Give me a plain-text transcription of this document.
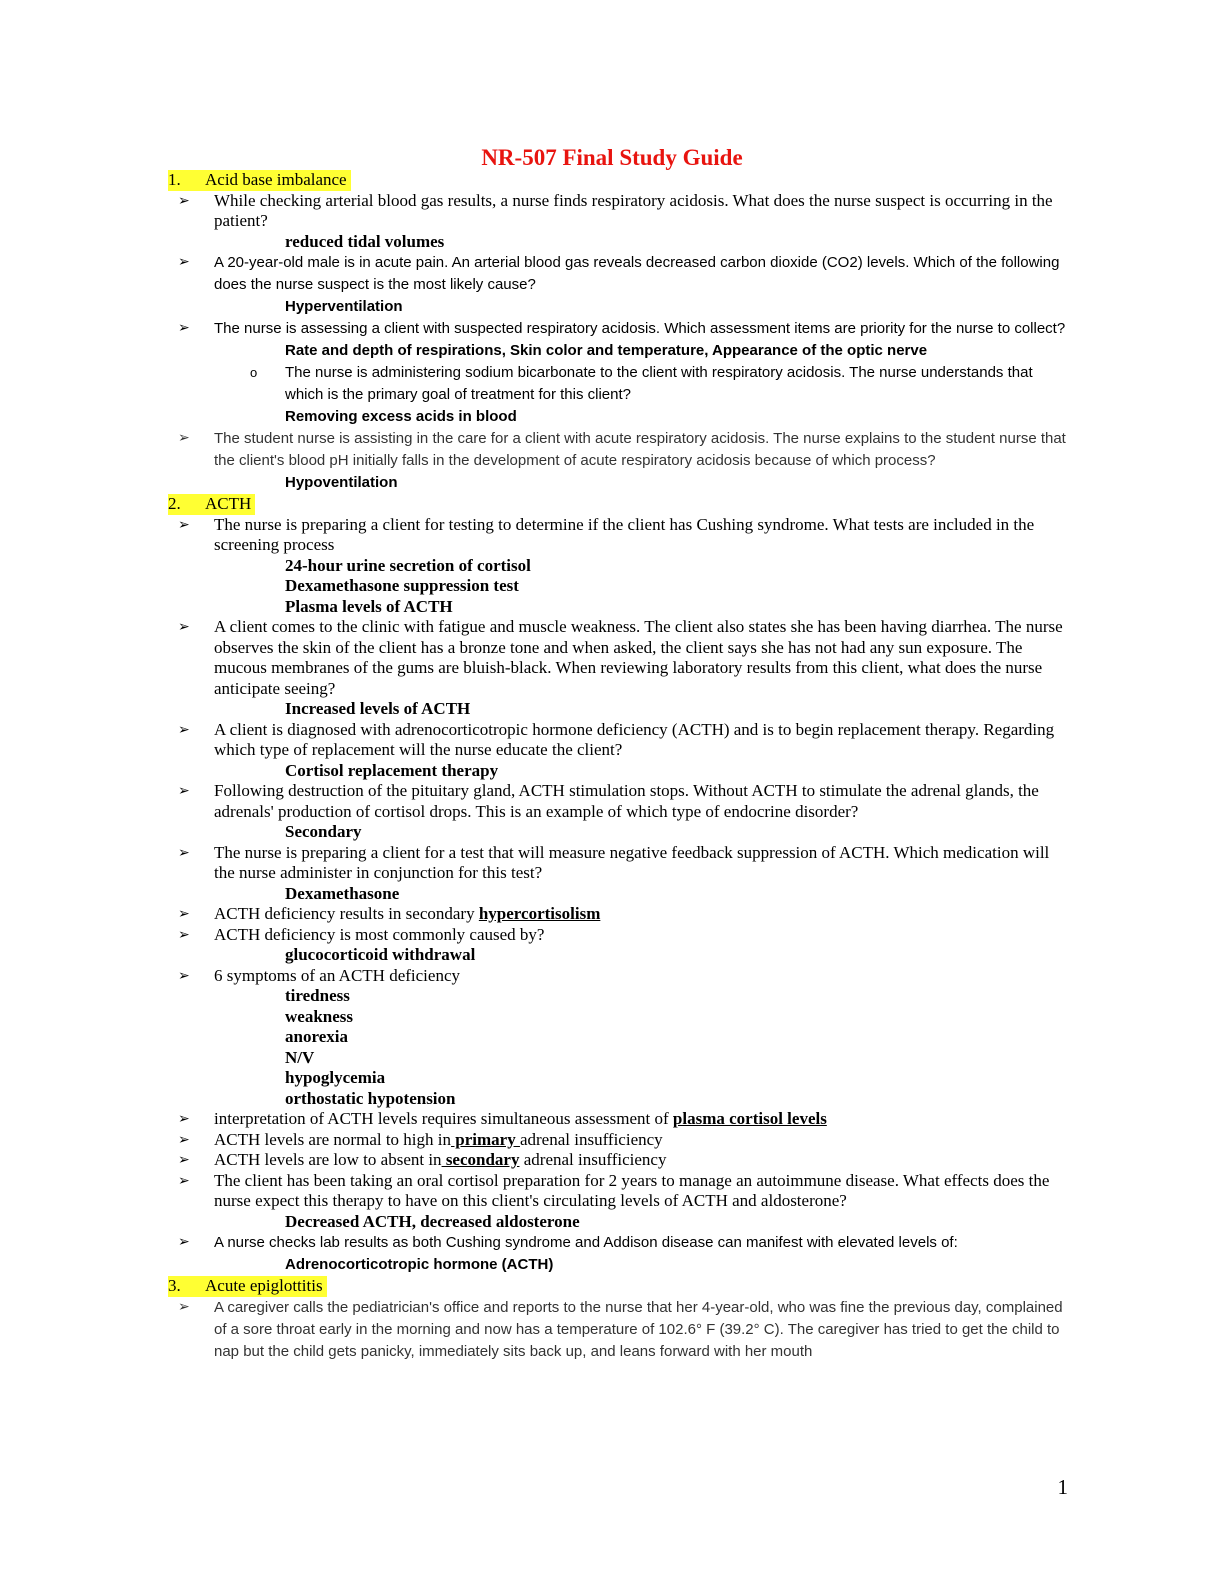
NR-507 Final Study Guide
1. Acid base imbalance
➢ While checking arterial blood gas results, a nurse finds respiratory acidosis. What does the nurse suspect is occurring in the patient?

reduced tidal volumes
➢ A 20-year-old male is in acute pain. An arterial blood gas reveals decreased carbon dioxide (CO2) levels. Which of the following does the nurse suspect is the most likely cause?

Hyperventilation
➢ The nurse is assessing a client with suspected respiratory acidosis. Which assessment items are priority for the nurse to collect?

Rate and depth of respirations, Skin color and temperature, Appearance of the optic nerve
o The nurse is administering sodium bicarbonate to the client with respiratory acidosis. The nurse understands that which is the primary goal of treatment for this client?

Removing excess acids in blood
➢ The student nurse is assisting in the care for a client with acute respiratory acidosis. The nurse explains to the student nurse that the client's blood pH initially falls in the development of acute respiratory acidosis because of which process?

Hypoventilation
2. ACTH
➢ The nurse is preparing a client for testing to determine if the client has Cushing syndrome. What tests are included in the screening process

24-hour urine secretion of cortisol
Dexamethasone suppression test
Plasma levels of ACTH
➢ A client comes to the clinic with fatigue and muscle weakness. The client also states she has been having diarrhea. The nurse observes the skin of the client has a bronze tone and when asked, the client says she has not had any sun exposure. The mucous membranes of the gums are bluish-black. When reviewing laboratory results from this client, what does the nurse anticipate seeing?

Increased levels of ACTH
➢ A client is diagnosed with adrenocorticotropic hormone deficiency (ACTH) and is to begin replacement therapy. Regarding which type of replacement will the nurse educate the client?

Cortisol replacement therapy
➢ Following destruction of the pituitary gland, ACTH stimulation stops. Without ACTH to stimulate the adrenal glands, the adrenals' production of cortisol drops. This is an example of which type of endocrine disorder?

Secondary
➢ The nurse is preparing a client for a test that will measure negative feedback suppression of ACTH. Which medication will the nurse administer in conjunction for this test?

Dexamethasone
➢ ACTH deficiency results in secondary hypercortisolism

➢ ACTH deficiency is most commonly caused by?

glucocorticoid withdrawal
➢ 6 symptoms of an ACTH deficiency

tiredness
weakness
anorexia
N/V
hypoglycemia
orthostatic hypotension
➢ interpretation of ACTH levels requires simultaneous assessment of plasma cortisol levels

➢ ACTH levels are normal to high in primary adrenal insufficiency

➢ ACTH levels are low to absent in secondary adrenal insufficiency

➢ The client has been taking an oral cortisol preparation for 2 years to manage an autoimmune disease. What effects does the nurse expect this therapy to have on this client's circulating levels of ACTH and aldosterone?

Decreased ACTH, decreased aldosterone
➢ A nurse checks lab results as both Cushing syndrome and Addison disease can manifest with elevated levels of:

Adrenocorticotropic hormone (ACTH)
3. Acute epiglottitis
➢ A caregiver calls the pediatrician's office and reports to the nurse that her 4-year-old, who was fine the previous day, complained of a sore throat early in the morning and now has a temperature of 102.6° F (39.2° C). The caregiver has tried to get the child to nap but the child gets panicky, immediately sits back up, and leans forward with her mouth

1
